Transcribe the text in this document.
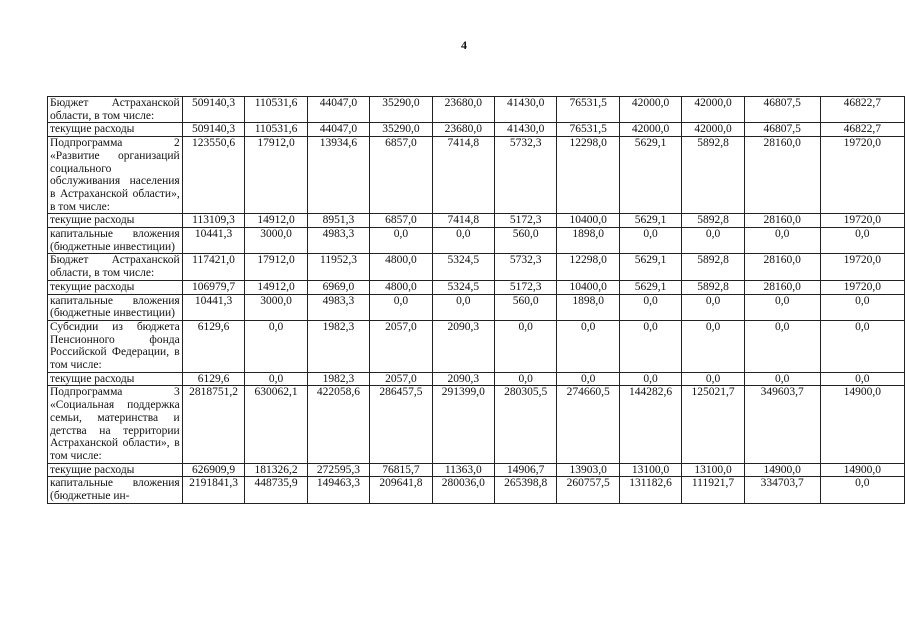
4
Бюджет Астраханской области, в том числе:	509140,3	110531,6	44047,0	35290,0	23680,0	41430,0	76531,5	42000,0	42000,0	46807,5	46822,7
текущие расходы	509140,3	110531,6	44047,0	35290,0	23680,0	41430,0	76531,5	42000,0	42000,0	46807,5	46822,7
Подпрограмма 2 «Развитие организаций социального обслуживания населения в Астраханской области», в том числе:	123550,6	17912,0	13934,6	6857,0	7414,8	5732,3	12298,0	5629,1	5892,8	28160,0	19720,0
текущие расходы	113109,3	14912,0	8951,3	6857,0	7414,8	5172,3	10400,0	5629,1	5892,8	28160,0	19720,0
капитальные вложения (бюджетные инвестиции)	10441,3	3000,0	4983,3	0,0	0,0	560,0	1898,0	0,0	0,0	0,0	0,0
Бюджет Астраханской области, в том числе:	117421,0	17912,0	11952,3	4800,0	5324,5	5732,3	12298,0	5629,1	5892,8	28160,0	19720,0
текущие расходы	106979,7	14912,0	6969,0	4800,0	5324,5	5172,3	10400,0	5629,1	5892,8	28160,0	19720,0
капитальные вложения (бюджетные инвестиции)	10441,3	3000,0	4983,3	0,0	0,0	560,0	1898,0	0,0	0,0	0,0	0,0
Субсидии из бюджета Пенсионного фонда Российской Федерации, в том числе:	6129,6	0,0	1982,3	2057,0	2090,3	0,0	0,0	0,0	0,0	0,0	0,0
текущие расходы	6129,6	0,0	1982,3	2057,0	2090,3	0,0	0,0	0,0	0,0	0,0	0,0
Подпрограмма 3 «Социальная поддержка семьи, материнства и детства на территории Астраханской области», в том числе:	2818751,2	630062,1	422058,6	286457,5	291399,0	280305,5	274660,5	144282,6	125021,7	349603,7	14900,0
текущие расходы	626909,9	181326,2	272595,3	76815,7	11363,0	14906,7	13903,0	13100,0	13100,0	14900,0	14900,0
капитальные вложения (бюджетные ин-	2191841,3	448735,9	149463,3	209641,8	280036,0	265398,8	260757,5	131182,6	111921,7	334703,7	0,0
